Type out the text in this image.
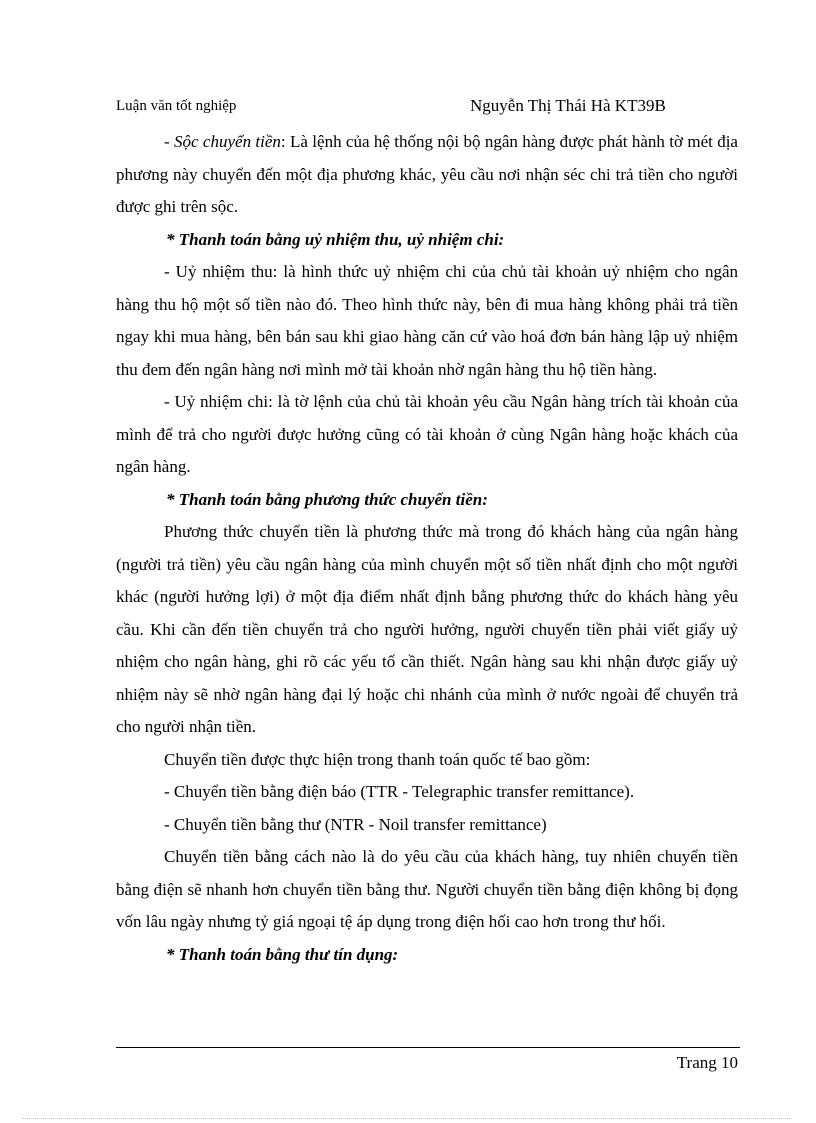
Luận văn tốt nghiệp	Nguyễn Thị Thái Hà KT39B

- Sộc chuyển tiền: Là lệnh của hệ thống nội bộ ngân hàng được phát hành tờ mét địa phương này chuyển đến một địa phương khác, yêu cầu nơi nhận séc chi trả tiền cho người được ghi trên sộc.

* Thanh toán bằng uỷ nhiệm thu, uỷ nhiệm chi:

- Uỷ nhiệm thu: là hình thức uỷ nhiệm chi của chủ tài khoản uỷ nhiệm cho ngân hàng thu hộ một số tiền nào đó. Theo hình thức này, bên đi mua hàng không phải trả tiền ngay khi mua hàng, bên bán sau khi giao hàng căn cứ vào hoá đơn bán hàng lập uỷ nhiệm thu đem đến ngân hàng nơi mình mở tài khoản nhờ ngân hàng thu hộ tiền hàng.

- Uỷ nhiệm chi: là tờ lệnh của chủ tài khoản yêu cầu Ngân hàng trích tài khoản của mình để trả cho người được hưởng cũng có tài khoản ở cùng Ngân hàng hoặc khách của ngân hàng.

* Thanh toán bằng phương thức chuyển tiền:

Phương thức chuyển tiền là phương thức mà trong đó khách hàng của ngân hàng (người trả tiền) yêu cầu ngân hàng của mình chuyển một số tiền nhất định cho một người khác (người hưởng lợi) ở một địa điểm nhất định bằng phương thức do khách hàng yêu cầu. Khi cần đến tiền chuyển trả cho người hưởng, người chuyển tiền phải viết giấy uỷ nhiệm cho ngân hàng, ghi rõ các yếu tố cần thiết. Ngân hàng sau khi nhận được giấy uỷ nhiệm này sẽ nhờ ngân hàng đại lý hoặc chi nhánh của mình ở nước ngoài để chuyển trả cho người nhận tiền.

Chuyển tiền được thực hiện trong thanh toán quốc tế bao gồm:

- Chuyển tiền bằng điện báo (TTR - Telegraphic transfer remittance).

- Chuyển tiền bằng thư (NTR - Noil transfer remittance)

Chuyển tiền bằng cách nào là do yêu cầu của khách hàng, tuy nhiên chuyển tiền bằng điện sẽ nhanh hơn chuyển tiền bằng thư. Người chuyển tiền bằng điện không bị đọng vốn lâu ngày nhưng tỷ giá ngoại tệ áp dụng trong điện hối cao hơn trong thư hối.

* Thanh toán bằng thư tín dụng:

Trang 10
